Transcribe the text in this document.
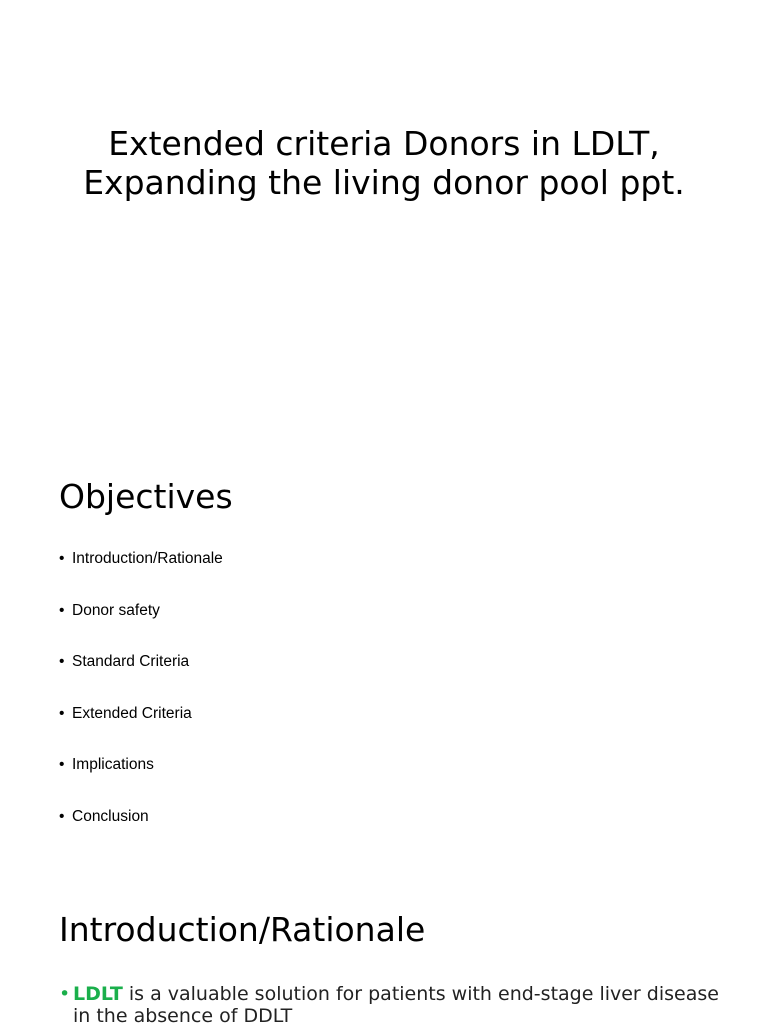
Extended criteria Donors in LDLT,
Expanding the living donor pool ppt.
Objectives
• Introduction/Rationale
• Donor safety
• Standard Criteria
• Extended Criteria
• Implications
• Conclusion
Introduction/Rationale
• LDLT is a valuable solution for patients with end-stage liver disease in the absence of DDLT
